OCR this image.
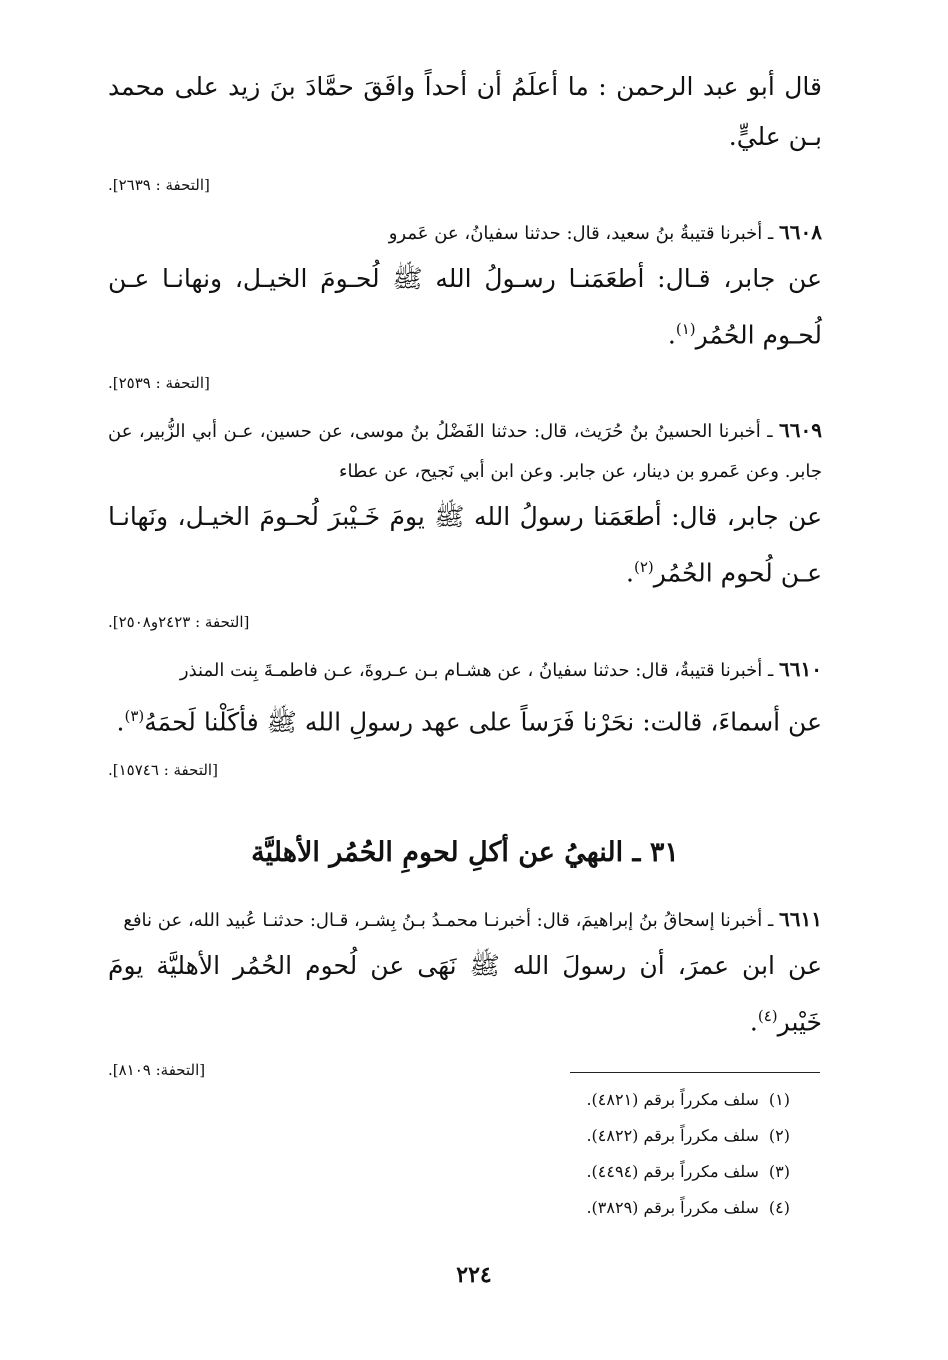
قال أبو عبد الرحمن : ما أعلَمُ أن أحداً وافَقَ حمَّادَ بنَ زيد على محمد بـن عليٍّ.

[التحفة : ٢٦٣٩].

٦٦٠٨ ـ أخبرنا قتيبةُ بنُ سعيد، قال: حدثنا سفيانُ، عن عَمرو

عن جابر، قـال: أطعَمَنـا رسـولُ الله ﷺ لُحـومَ الخيـل، ونهانـا عـن لُحـوم الحُمُر$^{(١)}$.

[التحفة : ٢٥٣٩].

٦٦٠٩ ـ أخبرنا الحسينُ بنُ حُرَيث، قال: حدثنا الفَضْلُ بنُ موسى، عن حسين، عـن أبي الزُّبير، عن جابر. وعن عَمرو بن دينار، عن جابر. وعن ابن أبي نَجيح، عن عطاء

عن جابر، قال: أطعَمَنا رسولُ الله ﷺ يومَ خَـيْبرَ لُحـومَ الخيـل، ونَهانـا عـن لُحوم الحُمُر$^{(٢)}$.

[التحفة : ٢٤٢٣و٢٥٠٨].

٦٦١٠ ـ أخبرنا قتيبةُ، قال: حدثنا سفيانُ ، عن هشـام بـن عـروةَ، عـن فاطمـةَ بِنت المنذر

عن أسماءَ، قالت: نحَرْنا فَرَساً على عهد رسولِ الله ﷺ فأكَلْنا لَحمَهُ$^{(٣)}$.

[التحفة : ١٥٧٤٦].
٣١ ـ النهيُ عن أكلِ لحومِ الحُمُر الأهليَّة

٦٦١١ ـ أخبرنا إسحاقُ بنُ إبراهيمَ، قال: أخبرنـا محمـدُ بـنُ بِشـر، قـال: حدثنـا عُبيد الله، عن نافع

عن ابن عمرَ، أن رسولَ الله ﷺ نَهَى عن لُحوم الحُمُر الأهليَّة يومَ خَيْبر$^{(٤)}$.

[التحفة: ٨١٠٩].
(١)سلف مكرراً برقم (٤٨٢١).
(٢)سلف مكرراً برقم (٤٨٢٢).
(٣)سلف مكرراً برقم (٤٤٩٤).
(٤)سلف مكرراً برقم (٣٨٢٩).
٢٢٤
